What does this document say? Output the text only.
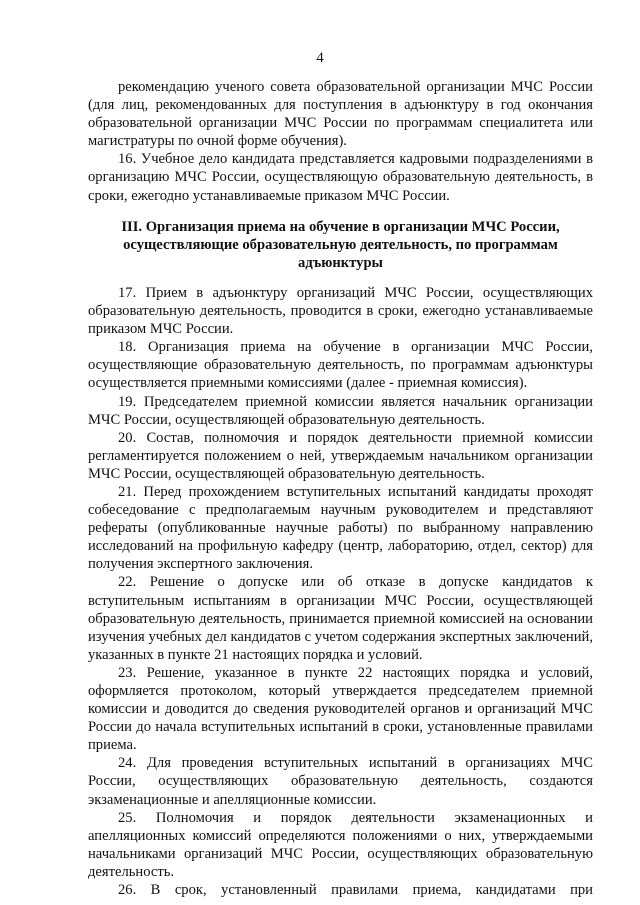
4

рекомендацию ученого совета образовательной организации МЧС России (для лиц, рекомендованных для поступления в адъюнктуру в год окончания образовательной организации МЧС России по программам специалитета или магистратуры по очной форме обучения).

16. Учебное дело кандидата представляется кадровыми подразделениями в организацию МЧС России, осуществляющую образовательную деятельность, в сроки, ежегодно устанавливаемые приказом МЧС России.

III. Организация приема на обучение в организации МЧС России, осуществляющие образовательную деятельность, по программам адъюнктуры

17. Прием в адъюнктуру организаций МЧС России, осуществляющих образовательную деятельность, проводится в сроки, ежегодно устанавливаемые приказом МЧС России.

18. Организация приема на обучение в организации МЧС России, осуществляющие образовательную деятельность, по программам адъюнктуры осуществляется приемными комиссиями (далее - приемная комиссия).

19. Председателем приемной комиссии является начальник организации МЧС России, осуществляющей образовательную деятельность.

20. Состав, полномочия и порядок деятельности приемной комиссии регламентируется положением о ней, утверждаемым начальником организации МЧС России, осуществляющей образовательную деятельность.

21. Перед прохождением вступительных испытаний кандидаты проходят собеседование с предполагаемым научным руководителем и представляют рефераты (опубликованные научные работы) по выбранному направлению исследований на профильную кафедру (центр, лабораторию, отдел, сектор) для получения экспертного заключения.

22. Решение о допуске или об отказе в допуске кандидатов к вступительным испытаниям в организации МЧС России, осуществляющей образовательную деятельность, принимается приемной комиссией на основании изучения учебных дел кандидатов с учетом содержания экспертных заключений, указанных в пункте 21 настоящих порядка и условий.

23. Решение, указанное в пункте 22 настоящих порядка и условий, оформляется протоколом, который утверждается председателем приемной комиссии и доводится до сведения руководителей органов и организаций МЧС России до начала вступительных испытаний в сроки, установленные правилами приема.

24. Для проведения вступительных испытаний в организациях МЧС России, осуществляющих образовательную деятельность, создаются экзаменационные и апелляционные комиссии.

25. Полномочия и порядок деятельности экзаменационных и апелляционных комиссий определяются положениями о них, утверждаемыми начальниками организаций МЧС России, осуществляющих образовательную деятельность.

26. В срок, установленный правилами приема, кандидатами при
